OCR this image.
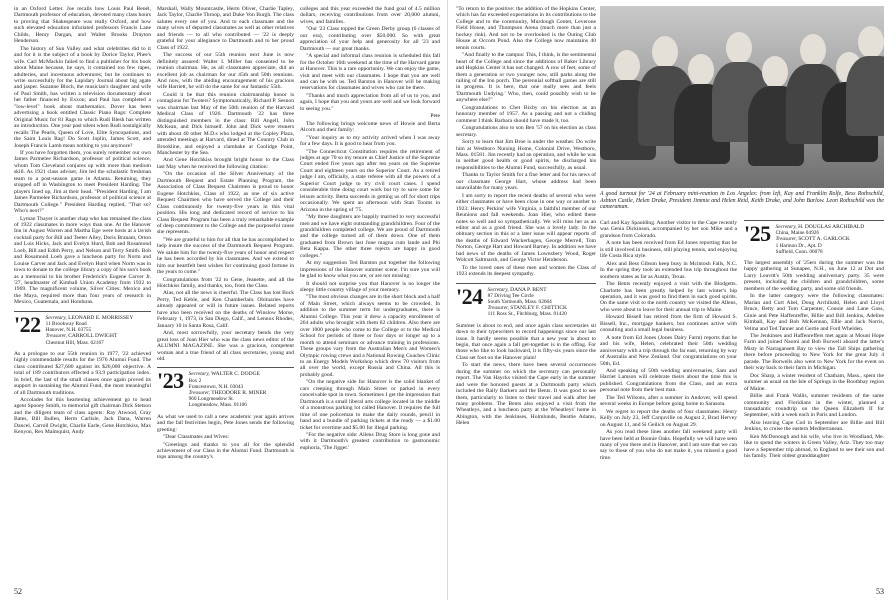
in an Oxford Letter. Joe recalls how Louis Paul Benét, Dartmouth professor of education, devoted many class hours to proving that Shakespeare was really Oxford, and how such elevated education infuriated professors Francis Lane Childs, Henry Dargan, and Walter Brooks Drayton Henderson.

The history of Sun Valley and what celebrities did to it and for it is the subject of a book by Dorice Taylor, Phee's wife. Carl McMackin failed to find a publisher for his book about Maine because, he says, it contained too few rapes, adulteries, and incestuous adventures; but he continues to write successfully for the Lapidary Journal about big agate and jasper. Suzanne Bloch, the musician's daughter and wife of Paul Smith, has written a television documentary about her father financed by Exxon; and Paul has completed a "low-level" book about mathematics. Dover has been advertising a book entitled Classic Piano Rags: Complete Original Music for 81 Rags to which Rudi Blesh has written an introduction. One year past silent when Rudi nostalgically recalls The Pearls, Queen of Love, Elite Syncopations, and the Saint Louis Rag! Do Scott Joplin, James Scott, and Joseph Francis Lamb mean nothing to you anymore?

If you have forgotten them, you surely remember our own James Parmelee Richardson, professor of political science, whom Tom Cleveland conjures up with more than medium skill. As 1921 class adviser, Jim led the scholastic freshman team to a post-season game in Atlanta. Returning, they stopped off in Washington to meet President Harding. The players lined up, Jim at their head. "President Harding, I am James Parmelee Richardson, professor of political science at Dartmouth College." President Harding replied, "That so? Who's next?"

Lyman Thayer is another chap who has remained the class of 1922 classmates in more ways than one. At the Hanover Inn in August Warren and Martha Ege were hosts at a lavish cocktail party for Bill and Teeter Alley, Doris Branam, Orton and Lois Hicks, Jack and Evelyn Hurd, Bob and Rosamond Loeb, Bill and Edith Perry, and Nelson and Terry Smith. Bob and Rosamond Loeb gave a luncheon party for Norm and Louise Carver and Jack and Evelyn Hurd when Norm was in town to donate to the college library a copy of his son's book as a memorial to his brother Frederick's Eugene Carver Jr. '27, headmaster of Kimball Union Academy from 1932 to 1969. The magnificent volume, Silver Cities: Mexico and the Maya, required more than four years of research in Mexico, Guatemala, and Honduras.

'22 Secretary, LEONARD E. MORRISSEY
11 Brookway Road
Hanover, N.H. 03755
Treasurer, CARROLL DWIGHT
Chestnut Hill, Mass. 02167

As a prologue to our 55th reunion in 1977, '22 achieved highly commendable results for the 1976 Alumni Fund. The class contributed $27,680 against its $26,000 objective. A total of 189 contributors effected a 93.9 participation index. In brief, the last of the small classes once again proved its support in sustaining the Alumni Fund, the most meaningful of all Dartmouth traditions.

Accolades for this heartening achievement go to head agent Spooey Smith, to memorial gift chairman Dick Stetson and the diligent team of class agents: Ray Atwood, Gray Bates, Bill Bullen, Herm Carlisle, Jack Dana, Warren Dancel, Carroll Dwight, Charlie Earle, Gene Hotchkiss, Max Kenyon, Rex Malmquist, Andy

Marshall, Wally Mountcastle, Herm Oliver, Charlie Tapley, Jack Taylor, Charlie Throop, and Duke Von Burgh. The class salutes every one of you. And to each classmate and the many wives of departed classmates as well as other relatives and friends — to all who contributed — '22 is deeply grateful for your allegiance to Dartmouth and to her proud Class of 1922.

The success of our 55th reunion next June is now definitely assured: Walter I. Miller has consented to be reunion chairman. He, as all classmates appreciate, did an excellent job as chairman for our 45th and 50th reunions. And now, with the abiding encouragement of his gracious wife Harriett, he will do the same for our fantastic 55th.

Could it be that this reunion chairmanship honor is contagious for Twoters? Symptomatically, Richard P. Sesnon was chairman last May of the 50th reunion of the Harvard Medical Class of 1926. Dartmouth '22 has three distinguished members in the class: Bill Angell, John McKean, and Dick himself. John and Dick were reuners with about 40 other M.D.s who lodged at the Copley Plaza, attended meetings at Harvard, dined at The Country Club in Brookline, and enjoyed a clambake at Coolidge Point, Manchester by the Sea.

And Gene Hotchkiss brought bright honor to the Class last May when he received the following citation:

"On the occasion of the Silver Anniversary of the Dartmouth Bequest and Estate Planning Program, the Association of Class Bequest Chairmen is proud to honor Eugene Hotchkiss, Class of 1922, as one of six active Bequest Chairmen who have served the College and their Class continuously for twenty-five years in this vital position. His long and dedicated record of service to his Class Bequest Program has been a truly remarkable example of deep commitment to the College and the purposeful cause she represents.

"We are grateful to him for all that he has accomplished to help insure the success of the Dartmouth Bequest Program. We salute him for the twenty-five years of honor and respect he has been accorded by his classmates. And we extend to him our heartfelt best wishes for continuing good fortune in the years to come."

Congratulations from '22 to Gene, Jeanette, and all the Hotchkiss family, and thanks, too, from the Class.

Alas, not all the news is cheerful. The Class has lost Buck Perry, Ted Keble, and Ken Chamberlain. Obituaries have already appeared or will in future issues. Belated reports have also been received on the deaths of Winslow Morse, February 1, 1973, in San Diego, Calif., and Lennox Rhodes, January 10 in Santa Rosa, Calif.

And, most sorrowfully, your secretary bends the very great loss of Joan Hier who was the class news editor of the ALUMNI MAGAZINE. She was a gracious, competent woman and a true friend of all class secretaries, young and old.

'23 Secretary, WALTER C. DODGE
Box 2
Francestown, N.H. 03043
Treasurer, THEODORE R. MINER
960 Longmeadow St.
Longmeadow, Mass. 01106

As what we used to call a new academic year again arrives and the fall festivities begin, Pete Jones sends the following greeting:

"Dear Classmates and Wives:

"Greetings and thanks to you all for the splendid achievement of our Class in the Alumni Fund. Dartmouth is tops among the country's

colleges and this year exceeded the fund goal of 4.5 million dollars, receiving contributions from over 20,000 alumni, wives, and families.

"Our '23 Class topped the Green Derby group (6 classes of our era), contributing over $50,000. So with great appreciation of your help and generosity for all '23 and Dartmouth — our great thanks.

"A special and informal class reunion is scheduled this fall for the October 16th weekend at the time of the Harvard game at Hanover. This is a rare opportunity. We can enjoy the game, visit and meet with our classmates. I hope that you are well and can be with us. Ted Barston in Hanover will be making reservations for classmates and wives who can be there.

"Thanks and much appreciation from all of us to you, and again, I hope that you and yours are well and we look forward to seeing you."

Pete

The following brings welcome news of Howie and Berta Alcorn and their family:

"Your inquiry as to my activity arrived when I was away for a few days. It is good to hear from you.

"The Connecticut Constitution requires the retirement of judges at age 70 so my tenure as Chief Justice of the Supreme Court ended five years ago after ten years on the Supreme Court and eighteen years on the Superior Court. As a retired judge I am, officially, a state referee with all the powers of a Superior Court judge to try civil court cases. I spend considerable time doing court work but try to save some for leisure activity. Berta succeeds in getting us off for short trips occasionally. We spent an afternoon with Stan Tooms in Arizona in the spring of '75.

"My three daughters are happily married to very successful men and we have eight outstanding grandchildren. Four of the grandchildren completed college. We are proud of Dartmouth and the college turned all of them down. One of them graduated from Brown last June magna cum laude and Phi Beta Kappa. The other three rejects are happy in good colleges."

At my suggestion Ted Barston put together the following impressions of the Hanover summer scene. I'm sure you will be glad to know what you are, or are not missing:

It should not surprise you that Hanover is no longer the sleepy little country village of your memory.

"The most obvious changes are in the short block and a half of Main Street, which always seems to be crowded. In addition to the summer term for undergraduates, there is Alumni College. This year it drew a capacity enrollment of 264 adults who brought with them 82 children. Also there are over 1000 people who come to the College or to the Medical School for periods of three or four days or longer up to a month to attend seminars or advance training in professions. These groups vary from the Australian Men's and Women's Olympic rowing crews and a National Rowing Coaches Clinic to an Energy Models Workshop which drew 70 visitors from all over the world, except Russia and China. All this is probably good.

"On the negative side for Hanover is the solid blanket of cars creeping through Main Street or parked in every conceivable spot in town. Sometimes I get the impression that Dartmouth is a small liberal arts college located in the middle of a monstrous parking lot called Hanover. It requires the full time of one policeman to make the daily rounds, pencil in hand and a bundle of parking tickets at the ready — a $1.00 ticket for overtime and $5.00 for illegal parking.

"For the negative side: Allens Drug Store is long gone and with it Dartmouth's greatest contribution to gastronomic euphoria, 'The Jigger.'

52

"To return to the positive: the addition of the Hopkins Center, which has far exceeded expectations in its contributions to the College and to the community, Murdough Center, Leverone Field House, and Thompson Arena (much more than just a hockey rink). And not to be overlooked is the Outing Club House at Occom Pond. Also the College now maintains 40 tennis courts.

"And finally to the campus: This, I think, is the sentimental heart of the College and since the additions of Baker Library and Hopkins Center it has not changed. A row of feet, some of them a generation or two younger now, still parks along the railing of the Inn porch. The perennial softball games are still in progress. It is here, that one really sees and feels 'Dartmouth Undying.' Who, then, could possibly wish to be anywhere else?"

Congratulations to Chet Bixby on his election as an honorary member of 1957. As a passing and not a chiding comment I think Barbara should have made it, too.

Congratulations also to son Ben '57 on his election as class secretary.

Sorry to learn that Jim Broe is under the weather. Do write him at Westboro Nursing Home, Colonial Drive, Westboro, Mass. 01581. Jim recently had an operation, and while he was in neither good health or good spirits, he discharged his responsibilities to the Alumni Fund, successfully, as usual.

Thanks to Taylor Smith for a fine letter and for his news of our classmate George Hart, whose address had been unavailable for many years.

I am sorry to report the recent deaths of several who were either classmates or have been close in one way or another to 1923: Henry Perkins' wife Virginia, a faithful member of our Reunions and fall weekends. Joan Hier, who edited these notes so well and so sympathetically. We will miss her as an editor and as a good friend. She was a lovely lady. In the obituary section in this or a later issue will appear reports of the deaths of Edward Wackerhagen, George Merrell, Tom Norton, George Hart and Howard Barney. In addition we have had news of the deaths of James Lownsbery Wood, Roger Wolcott Saltmarsh, and George Victor Henderson.

To the loved ones of these men and women the Class of 1923 extends its deepest sympathy.

'24 Secretary, DANA P. BENT
87 Driving Tee Circle
South Yarmouth, Mass. 02664
Treasurer, STANLEY F. CHITTICK
111 Ross St., Fitchburg, Mass. 01420

Summer is about to end, and once again class secretaries sit down to their typewriters to record happenings since our last issue. It hardly seems possible that a new year is about to begin, that once again a fall get-together is in the offing. For those who like to look backward, it is fifty-six years since the Class set foot on the Hanover plain!

To start the news, there have been several occurrences during the summer on which the secretary can personally report. The Van Haycks visited the Cape early in the summer and were the honored guests at a Dartmouth party which included the Rally Barkers and the Bents. It was good to see them, particularly to listen to their travel and walk after her many problems. The Bents also enjoyed a visit from the Wheatleys, and a luncheon party at the Wheatleys' home in Abington, with the Jenkinses, Holmlunds, Beattie Adams, Helen

A good turnout for '24 at February mini-reunion in Los Angeles: from left, Kay and Franklin Rolfe, Bess Rothschild, Ashton Castle, Helen Drake, President Jimmie and Helen Reid, Keith Drake, and John Barlow. Leon Rothschild was the cameraman.

Carl and Kay Spaulding. Another visitor to the Cape recently was Genia Dickinson, accompanied by her son Mike and a grandson from Colorado.

A note has been received from Ed Jones reporting that he is still involved in business, still playing tennis, and enjoying life Costa Rica style.

Alex and Bess Gibson keep busy in Mcintosh Falls, N.C. In the spring they took an extended bus trip throughout the southern states as far as Austin, Texas.

The Bents recently enjoyed a visit with the Blodgetts. Charlotte has been greatly helped by last winter's hip operation, and it was good to find them in such good spirits. On the same visit to the north country we visited the Allens, who were about to leave for their annual trip to Maine.

Howard Bissell has retired from the firm of Howard S. Bissell, Inc., mortgage bankers, but continues active with consulting and a small legal business.

A note from Ed Jones (Jones Dairy Farm) reports that he and his wife, Helen, celebrated their 50th wedding anniversary with a trip through the far east, returning by way of Australia and New Zealand. Our congratulations on your 50th, Ed.

And speaking of 50th wedding anniversaries, Sam and Harriet Lamson will celebrate theirs about the time this is published. Congratulations from the Class, and an extra personal note from their best man.

The Ted Wilsons, after a summer in Andover, will spend several weeks in Europe before going home to Sarasota.

We regret to report the deaths of four classmates: Henry Kelly on July 23, Jeff Carquville on August 2, Brad Hervey on August 11, and Si Geilich on August 29.

As you read these lines another fall weekend party will have been held at Bonnie Oaks. Hopefully we will have seen many of you there and in Hanover, and I am sure that we can say to those of you who do not make it, you missed a good time.

'25 Secretary, H. DOUGLAS ARCHIBALD
China, Maine 04926
Treasurer, SCOTT A. GARLOCK
1 Harmon Dr., Apt. D
Suffield, Conn. 06078

The largest assembly of '25ers during the summer was the happy gathering at Sunapee, N.H., on June 12 at Dot and Larry Leavitt's 50th wedding anniversary party. 35 were present, including the children and grandchildren, some members of the wedding party, and some old friends.

In the latter category were the following classmates: Marian and Curt Abel, Doug Archibald, Helen and Lloyd Bruce, Betty and Tom Carpenter, Connie and Lane Goss, Ginie and Pete Haffenreffer, Billie and Bill Jenkins, Adeline Kimball, Kay and Bob McKennan, Ellie and Jack Norris, Velma and Ted Tanner and Gertie and Ford Whelden.

The Jenkinses and Haffenreffers met again at Mount Hope Farm and joined Naomi and Bob Borwell aboard the latter's Misty in Narragansett Bay to view the Tall Ships gathering there before proceeding to New York for the great July 4 parade. The Borwells also went to New York for the event on their way back to their farm in Michigan.

Doc Sharp, a winter resident of Chatham, Mass., spent the summer as usual on the Isle of Springs in the Boothbay region of Maine.

Billie and Frank Wallis, summer residents of the same community and Floridians in the winter, planned a transatlantic roundtrip on the Queen Elizabeth II for September, with a week each in Paris and London.

Also leaving Cape Cod in September are Billie and Bill Jenkins, to cruise the eastern Mediterranean.

Ken McDonough and his wife, who live in Woodland, Me. like to spend the winters in Green Valley, Ariz. They too may have a September trip abroad, to England to see their son and his family. Their oldest granddaughter

53
